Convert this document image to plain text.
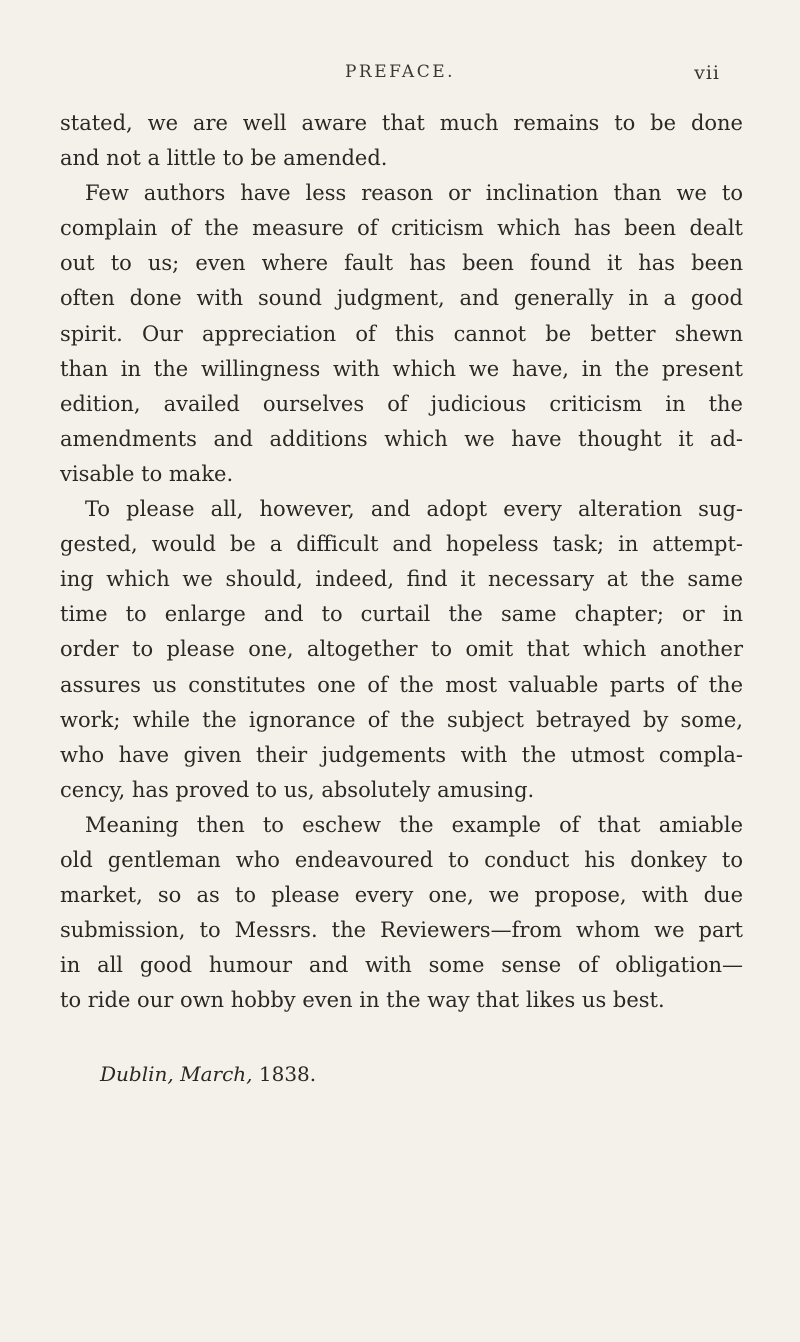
PREFACE.	vii
stated, we are well aware that much remains to be done
and not a little to be amended.
Few authors have less reason or inclination than we to
complain of the measure of criticism which has been dealt
out to us; even where fault has been found it has been
often done with sound judgment, and generally in a good
spirit. Our appreciation of this cannot be better shewn
than in the willingness with which we have, in the present
edition, availed ourselves of judicious criticism in the
amendments and additions which we have thought it ad-
visable to make.
To please all, however, and adopt every alteration sug-
gested, would be a difficult and hopeless task; in attempt-
ing which we should, indeed, find it necessary at the same
time to enlarge and to curtail the same chapter; or in
order to please one, altogether to omit that which another
assures us constitutes one of the most valuable parts of the
work; while the ignorance of the subject betrayed by some,
who have given their judgements with the utmost compla-
cency, has proved to us, absolutely amusing.
Meaning then to eschew the example of that amiable
old gentleman who endeavoured to conduct his donkey to
market, so as to please every one, we propose, with due
submission, to Messrs. the Reviewers—from whom we part
in all good humour and with some sense of obligation—
to ride our own hobby even in the way that likes us best.
Dublin, March, 1838.
